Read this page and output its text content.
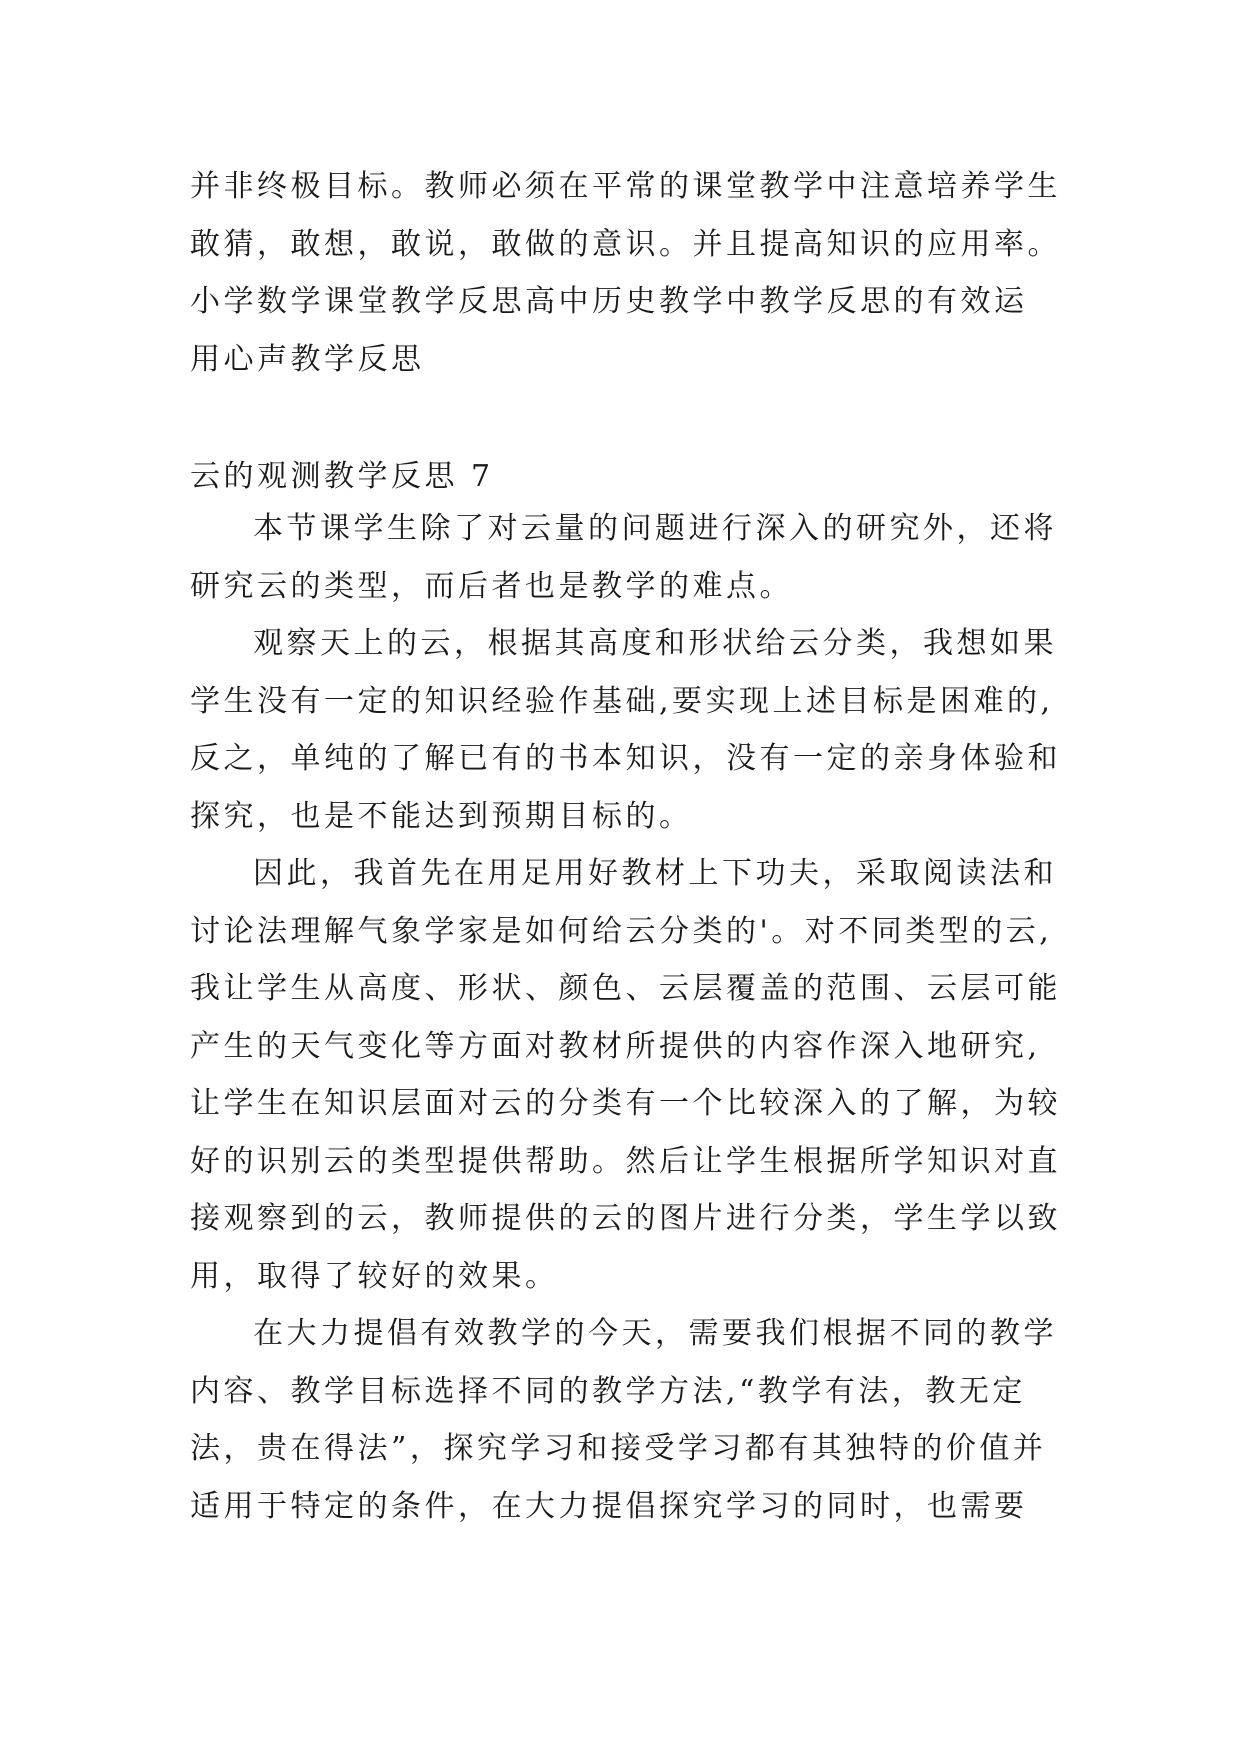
并非终极目标。教师必须在平常的课堂教学中注意培养学生
敢猜，敢想，敢说，敢做的意识。并且提高知识的应用率。
小学数学课堂教学反思高中历史教学中教学反思的有效运
用心声教学反思
云的观测教学反思 7
本节课学生除了对云量的问题进行深入的研究外，还将
研究云的类型，而后者也是教学的难点。
观察天上的云，根据其高度和形状给云分类，我想如果
学生没有一定的知识经验作基础,要实现上述目标是困难的,
反之，单纯的了解已有的书本知识，没有一定的亲身体验和
探究，也是不能达到预期目标的。
因此，我首先在用足用好教材上下功夫，采取阅读法和
讨论法理解气象学家是如何给云分类的'。对不同类型的云,
我让学生从高度、形状、颜色、云层覆盖的范围、云层可能
产生的天气变化等方面对教材所提供的内容作深入地研究,
让学生在知识层面对云的分类有一个比较深入的了解，为较
好的识别云的类型提供帮助。然后让学生根据所学知识对直
接观察到的云，教师提供的云的图片进行分类，学生学以致
用，取得了较好的效果。
在大力提倡有效教学的今天，需要我们根据不同的教学
内容、教学目标选择不同的教学方法,“教学有法，教无定
法，贵在得法”，探究学习和接受学习都有其独特的价值并
适用于特定的条件，在大力提倡探究学习的同时，也需要
